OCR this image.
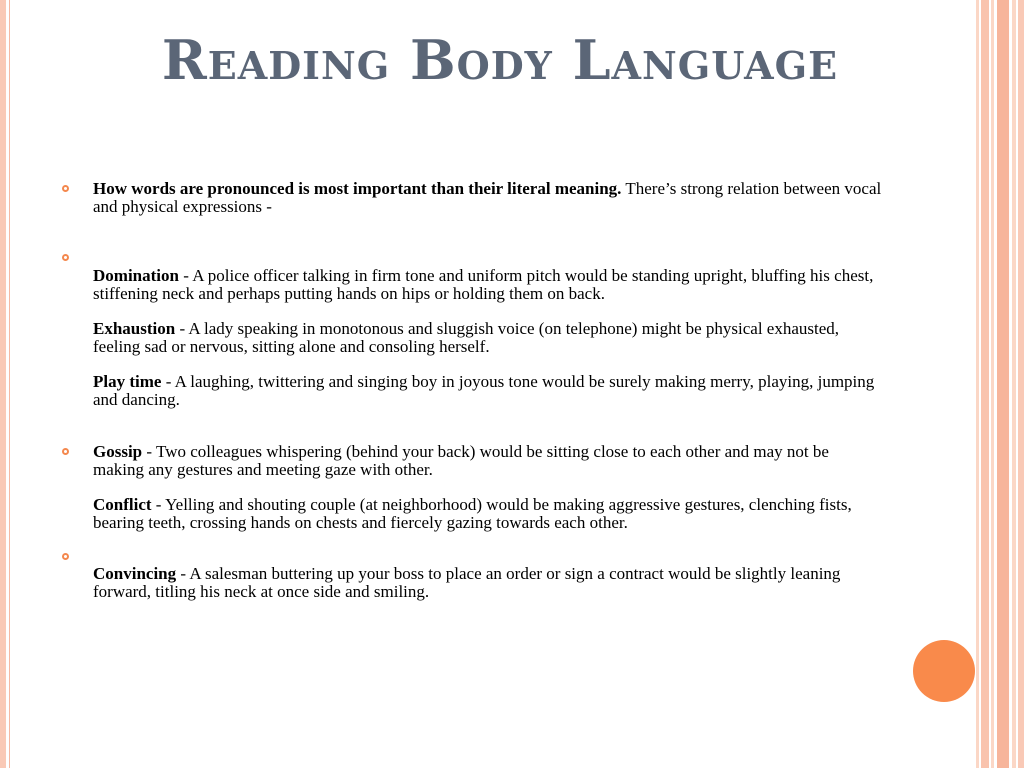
Reading Body Language

How words are pronounced is most important than their literal meaning. There’s strong relation between vocal and physical expressions -

Domination - A police officer talking in firm tone and uniform pitch would be standing upright, bluffing his chest, stiffening neck and perhaps putting hands on hips or holding them on back.

Exhaustion - A lady speaking in monotonous and sluggish voice (on telephone) might be physical exhausted, feeling sad or nervous, sitting alone and consoling herself.

Play time - A laughing, twittering and singing boy in joyous tone would be surely making merry, playing, jumping and dancing.

Gossip - Two colleagues whispering (behind your back) would be sitting close to each other and may not be making any gestures and meeting gaze with other.

Conflict - Yelling and shouting couple (at neighborhood) would be making aggressive gestures, clenching fists, bearing teeth, crossing hands on chests and fiercely gazing towards each other.

Convincing - A salesman buttering up your boss to place an order or sign a contract would be slightly leaning forward, titling his neck at once side and smiling.
